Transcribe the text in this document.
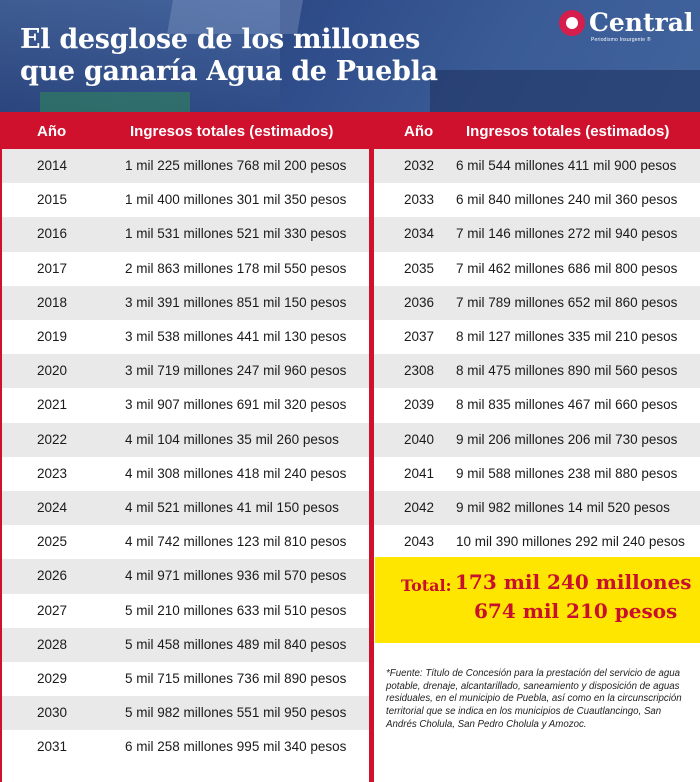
El desglose de los millones
que ganaría Agua de Puebla
Central
Periodismo Insurgente ®
Año	Ingresos totales (estimados)	Año Ingresos totales (estimados)
2014	1 mil 225 millones 768 mil 200 pesos
2015	1 mil 400 millones 301 mil 350 pesos
2016	1 mil 531 millones 521 mil 330 pesos
2017	2 mil 863 millones 178 mil 550 pesos
2018	3 mil 391 millones 851 mil 150 pesos
2019	3 mil 538 millones 441 mil 130 pesos
2020	3 mil 719 millones 247 mil 960 pesos
2021	3 mil 907 millones 691 mil 320 pesos
2022	4 mil 104 millones 35 mil 260 pesos
2023	4 mil 308 millones 418 mil 240 pesos
2024	4 mil 521 millones 41 mil 150 pesos
2025	4 mil 742 millones 123 mil 810 pesos
2026	4 mil 971 millones 936 mil 570 pesos
2027	5 mil 210 millones 633 mil 510 pesos
2028	5 mil 458 millones 489 mil 840 pesos
2029	5 mil 715 millones 736 mil 890 pesos
2030	5 mil 982 millones 551 mil 950 pesos
2031	6 mil 258 millones 995 mil 340 pesos
2032 6 mil 544 millones 411 mil 900 pesos
2033 6 mil 840 millones 240 mil 360 pesos
2034 7 mil 146 millones 272 mil 940 pesos
2035 7 mil 462 millones 686 mil 800 pesos
2036 7 mil 789 millones 652 mil 860 pesos
2037 8 mil 127 millones 335 mil 210 pesos
2308 8 mil 475 millones 890 mil 560 pesos
2039 8 mil 835 millones 467 mil 660 pesos
2040 9 mil 206 millones 206 mil 730 pesos
2041 9 mil 588 millones 238 mil 880 pesos
2042 9 mil 982 millones 14 mil 520 pesos
2043 10 mil 390 millones 292 mil 240 pesos
Total: 173 mil 240 millones
674 mil 210 pesos
*Fuente: Título de Concesión para la prestación del servicio de agua potable, drenaje, alcantarillado, saneamiento y disposición de aguas residuales, en el municipio de Puebla, así como en la circunscripción territorial que se indica en los municipios de Cuautlancingo, San Andrés Cholula, San Pedro Cholula y Amozoc.
